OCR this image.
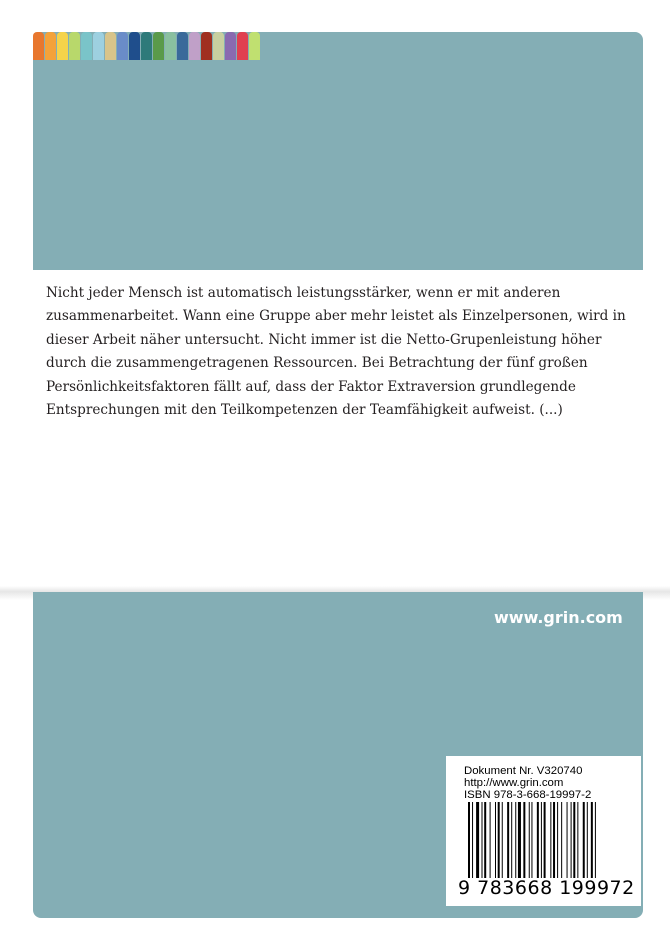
Nicht jeder Mensch ist automatisch leistungsstärker, wenn er mit anderen zusammenarbeitet. Wann eine Gruppe aber mehr leistet als Einzelpersonen, wird in dieser Arbeit näher untersucht. Nicht immer ist die Netto-Grupenleistung höher durch die zusammengetragenen Ressourcen. Bei Betrachtung der fünf großen Persönlichkeitsfaktoren fällt auf, dass der Faktor Extraversion grundlegende Entsprechungen mit den Teilkompetenzen der Teamfähigkeit aufweist. (...)

www.grin.com
Dokument Nr. V320740
http://www.grin.com
ISBN 978-3-668-19997-2
9 783668 199972
